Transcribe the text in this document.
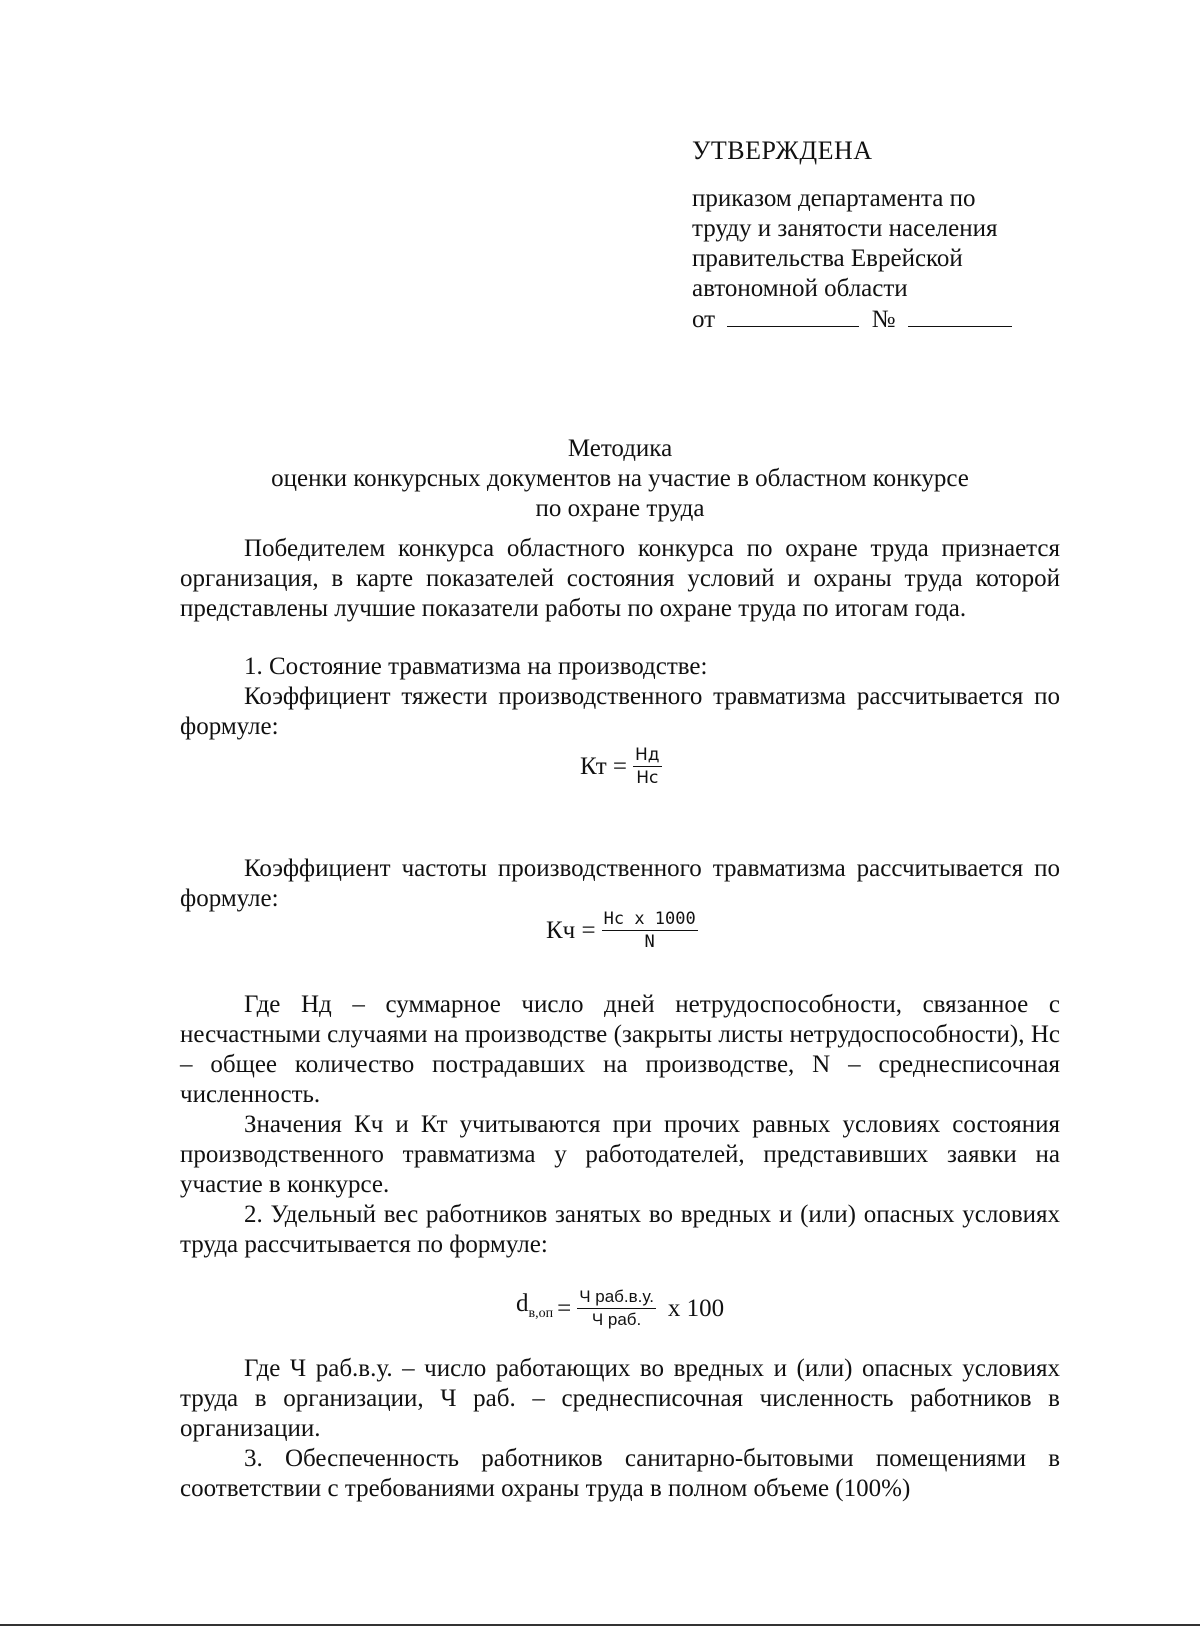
УТВЕРЖДЕНА
приказом департамента по
труду и занятости населения
правительства Еврейской
автономной области
от	№
Методика
оценки конкурсных документов на участие в областном конкурсе
по охране труда

Победителем конкурса областного конкурса по охране труда признается организация, в карте показателей состояния условий и охраны труда которой представлены лучшие показатели работы по охране труда по итогам года.

1. Состояние травматизма на производстве:

Коэффициент тяжести производственного травматизма рассчитывается по формуле:

Кт = $\frac{Нд}{Нс}$

Коэффициент частоты производственного травматизма рассчитывается по формуле:

Кч = $\frac{\text{Нс х 1000}}{N}$

Где Нд – суммарное число дней нетрудоспособности, связанное с несчастными случаями на производстве (закрыты листы нетрудоспособности), Нс – общее количество пострадавших на производстве, N – среднесписочная численность.

Значения Кч и Кт учитываются при прочих равных условиях состояния производственного травматизма у работодателей, представивших заявки на участие в конкурсе.

2. Удельный вес работников занятых во вредных и (или) опасных условиях труда рассчитывается по формуле:

$d_{в,оп} = \frac{\text{Ч раб.в.у.}}{\text{Ч раб.}}$ х 100

Где Ч раб.в.у. – число работающих во вредных и (или) опасных условиях труда в организации, Ч раб. – среднесписочная численность работников в организации.

3. Обеспеченность работников санитарно-бытовыми помещениями в соответствии с требованиями охраны труда в полном объеме (100%)
